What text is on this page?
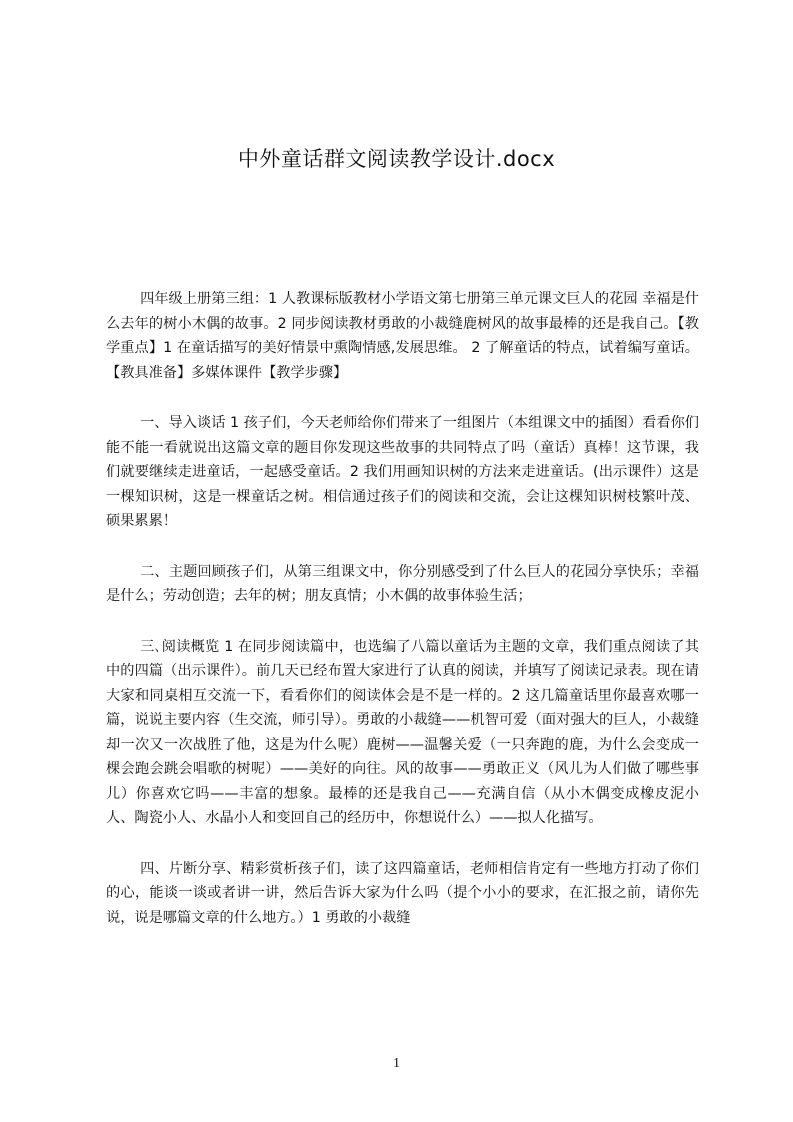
中外童话群文阅读教学设计.docx

四年级上册第三组：1 人教课标版教材小学语文第七册第三单元课文巨人的花园 幸福是什么去年的树小木偶的故事。2 同步阅读教材勇敢的小裁缝鹿树风的故事最棒的还是我自己。【教学重点】1 在童话描写的美好情景中熏陶情感,发展思维。 2 了解童话的特点，试着编写童话。【教具准备】多媒体课件【教学步骤】

一、导入谈话 1 孩子们，今天老师给你们带来了一组图片（本组课文中的插图）看看你们能不能一看就说出这篇文章的题目你发现这些故事的共同特点了吗（童话）真棒！这节课，我们就要继续走进童话，一起感受童话。2 我们用画知识树的方法来走进童话。(出示课件）这是一棵知识树，这是一棵童话之树。相信通过孩子们的阅读和交流，会让这棵知识树枝繁叶茂、硕果累累！

二、主题回顾孩子们，从第三组课文中，你分别感受到了什么巨人的花园分享快乐；幸福是什么；劳动创造；去年的树；朋友真情；小木偶的故事体验生活；

三､阅读概览 1 在同步阅读篇中，也选编了八篇以童话为主题的文章，我们重点阅读了其中的四篇（出示课件）。前几天已经布置大家进行了认真的阅读，并填写了阅读记录表。现在请大家和同桌相互交流一下，看看你们的阅读体会是不是一样的。2 这几篇童话里你最喜欢哪一篇，说说主要内容（生交流，师引导）。勇敢的小裁缝——机智可爱（面对强大的巨人，小裁缝却一次又一次战胜了他，这是为什么呢）鹿树——温馨关爱（一只奔跑的鹿，为什么会变成一棵会跑会跳会唱歌的树呢）——美好的向往。风的故事——勇敢正义（风儿为人们做了哪些事儿）你喜欢它吗——丰富的想象。最棒的还是我自己——充满自信（从小木偶变成橡皮泥小人、陶瓷小人、水晶小人和变回自己的经历中，你想说什么）——拟人化描写。

四、片断分享、精彩赏析孩子们，读了这四篇童话，老师相信肯定有一些地方打动了你们的心，能谈一谈或者讲一讲，然后告诉大家为什么吗（提个小小的要求，在汇报之前，请你先说，说是哪篇文章的什么地方。）1 勇敢的小裁缝

1
